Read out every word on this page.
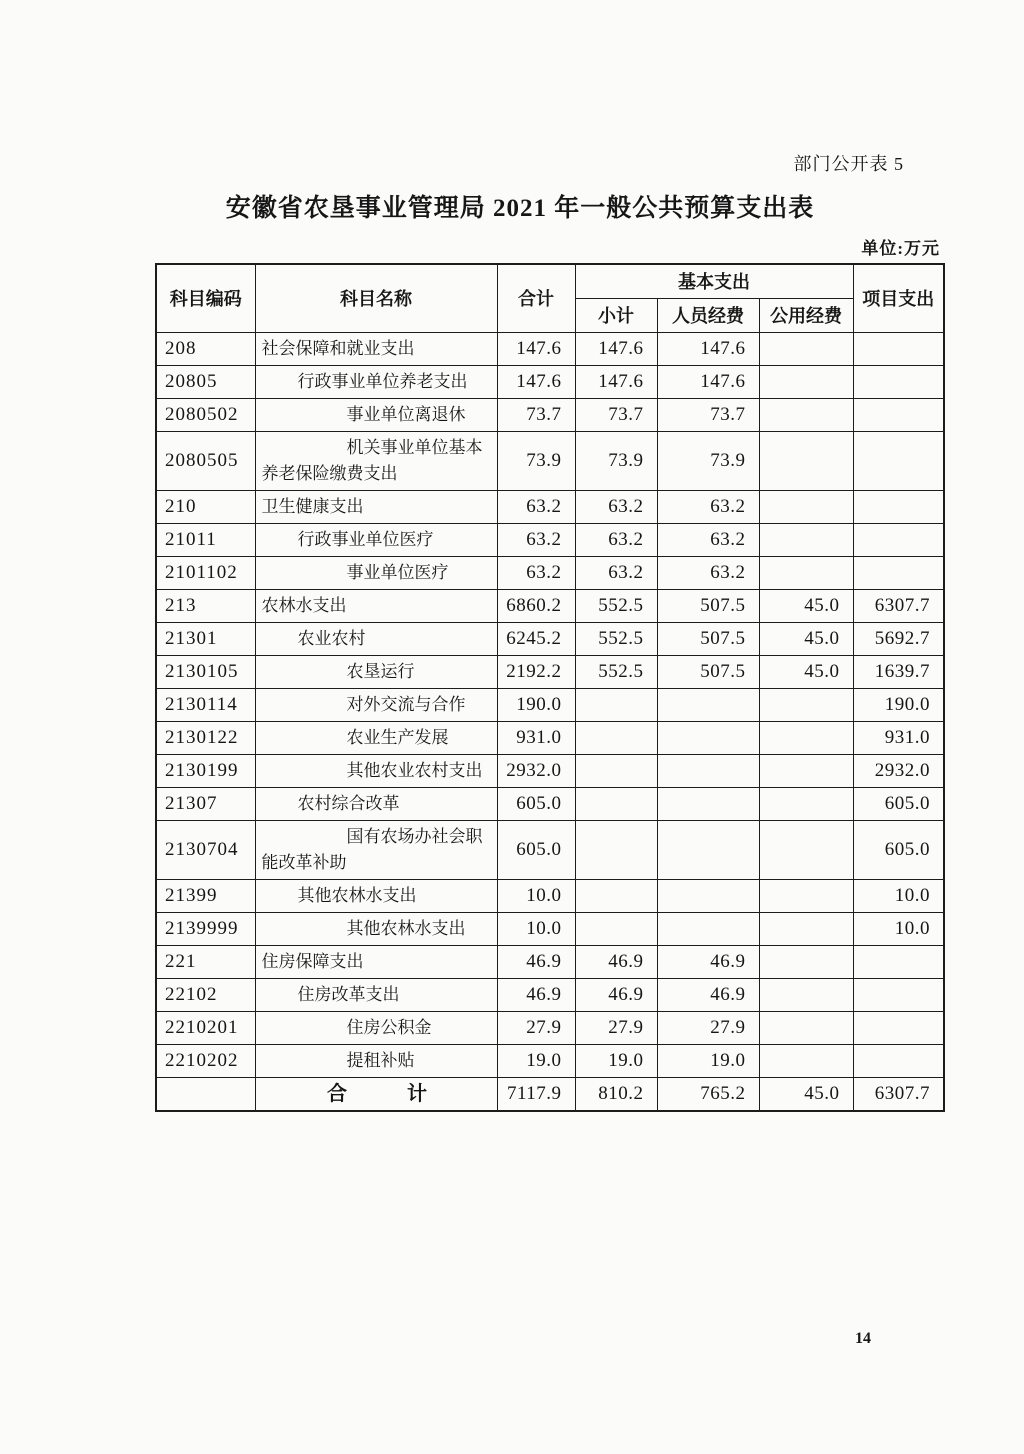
部门公开表 5
安徽省农垦事业管理局 2021 年一般公共预算支出表
单位:万元
科目编码	科目名称	合计	基本支出			项目支出
			小计	人员经费	公用经费	
208	社会保障和就业支出	147.6	147.6	147.6		
20805	行政事业单位养老支出	147.6	147.6	147.6		
2080502	事业单位离退休	73.7	73.7	73.7		
2080505	机关事业单位基本养老保险缴费支出	73.9	73.9	73.9		
210	卫生健康支出	63.2	63.2	63.2		
21011	行政事业单位医疗	63.2	63.2	63.2		
2101102	事业单位医疗	63.2	63.2	63.2		
213	农林水支出	6860.2	552.5	507.5	45.0	6307.7
21301	农业农村	6245.2	552.5	507.5	45.0	5692.7
2130105	农垦运行	2192.2	552.5	507.5	45.0	1639.7
2130114	对外交流与合作	190.0				190.0
2130122	农业生产发展	931.0				931.0
2130199	其他农业农村支出	2932.0				2932.0
21307	农村综合改革	605.0				605.0
2130704	国有农场办社会职能改革补助	605.0				605.0
21399	其他农林水支出	10.0				10.0
2139999	其他农林水支出	10.0				10.0
221	住房保障支出	46.9	46.9	46.9		
22102	住房改革支出	46.9	46.9	46.9		
2210201	住房公积金	27.9	27.9	27.9		
2210202	提租补贴	19.0	19.0	19.0		
	合　　　计	7117.9	810.2	765.2	45.0	6307.7
14
